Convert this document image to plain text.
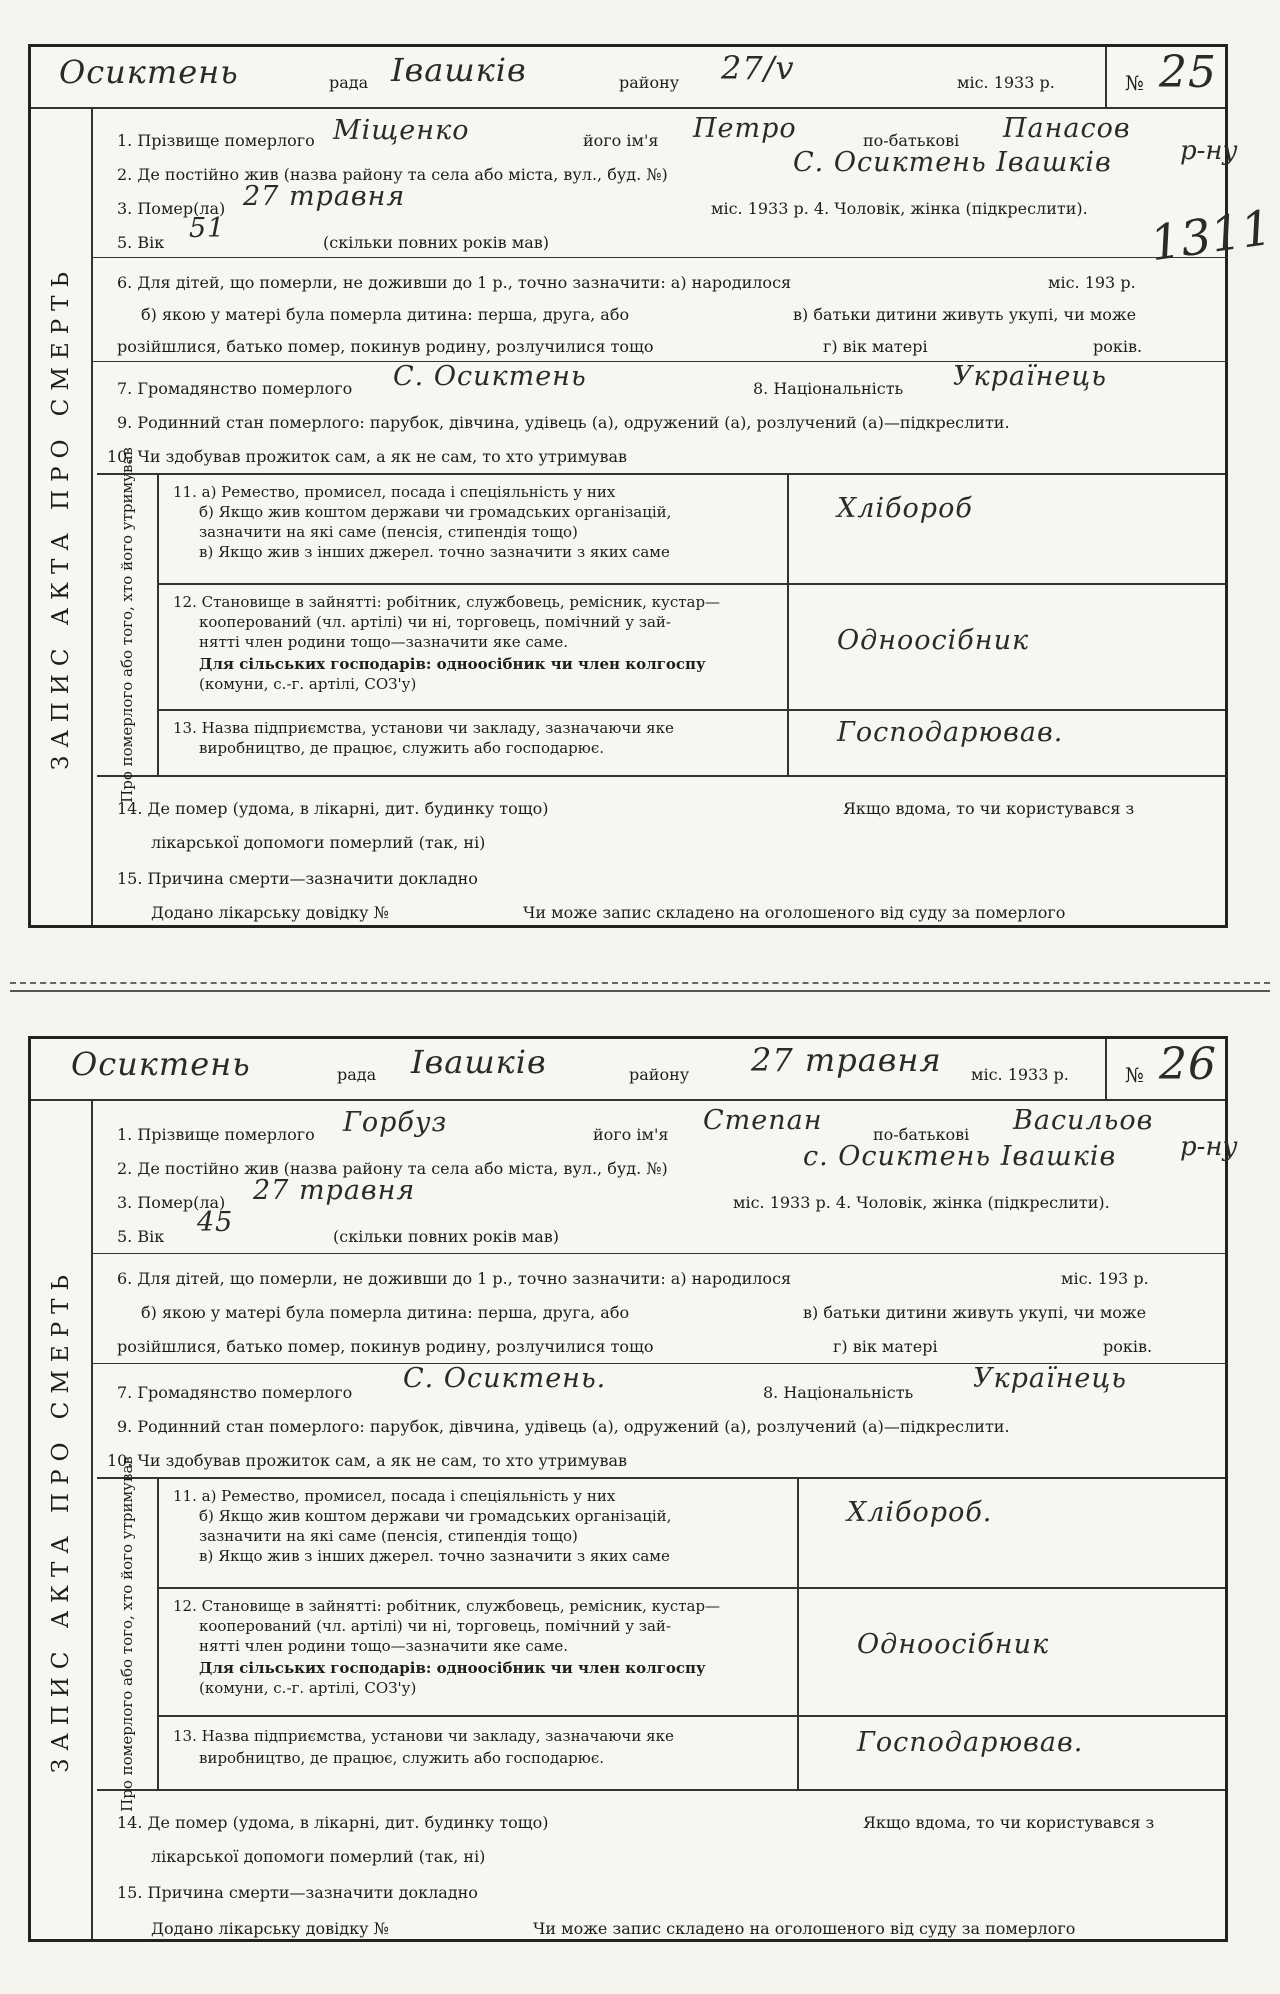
Осиктень	рада Івашків	району 27/v	міс. 1933 р.	№ 25
ЗАПИС АКТА ПРО СМЕРТЬ
1. Прізвище померлого Міщенко	його ім'я Петро	по-батькові Панасов
2. Де постійно жив (назва району та села або міста, вул., буд. №)	С. Осиктень Івашків
3. Помер(ла) 27 травня	міс. 1933 р. 4. Чоловік, жінка (підкреслити).
5. Вік 51	(скільки повних років мав)
6. Для дітей, що померли, не доживши до 1 р., точно зазначити: а) народилося	міс. 193 р.
б) якою у матері була померла дитина: перша, друга, або	в) батьки дитини живуть укупі, чи може
розійшлися, батько помер, покинув родину, розлучилися тощо	г) вік матері	років.
7. Громадянство померлого С. Осиктень	8. Національність Українець
9. Родинний стан померлого: парубок, дівчина, удівець (а), одружений (а), розлучений (а)—підкреслити.
10. Чи здобував прожиток сам, а як не сам, то хто утримував
Про померлого або того, хто його утримував 11. а) Ремество, промисел, посада і спеціяльність у них
б) Якщо жив коштом держави чи громадських організацій,
зазначити на які саме (пенсія, стипендія тощо)
в) Якщо жив з інших джерел. точно зазначити з яких саме
Хлібороб
12. Становище в зайнятті: робітник, службовець, ремісник, кустар—
кооперований (чл. артілі) чи ні, торговець, помічний у зай-
нятті член родини тощо—зазначити яке саме.
Для сільських господарів: одноосібник чи член колгоспу
(комуни, с.-г. артілі, СОЗ'у)
Одноосібник
13. Назва підприємства, установи чи закладу, зазначаючи яке
виробництво, де працює, служить або господарює.	Господарював.
14. Де помер (удома, в лікарні, дит. будинку тощо)	Якщо вдома, то чи користувався з
лікарської допомоги померлий (так, ні)
15. Причина смерти—зазначити докладно
Додано лікарську довідку №	Чи може запис складено на оголошеного від суду за померлого
р-ну
1311
Осиктень	рада Івашків	району 27 травня міс. 1933 р.	№ 26
ЗАПИС АКТА ПРО СМЕРТЬ
1. Прізвище померлого Горбуз	його ім'я Степан	по-батькові Васильов
2. Де постійно жив (назва району та села або міста, вул., буд. №)	с. Осиктень Івашків
3. Помер(ла) 27 травня	міс. 1933 р. 4. Чоловік, жінка (підкреслити).
5. Вік 45	(скільки повних років мав)
6. Для дітей, що померли, не доживши до 1 р., точно зазначити: а) народилося	міс. 193 р.
б) якою у матері була померла дитина: перша, друга, або	в) батьки дитини живуть укупі, чи може
розійшлися, батько помер, покинув родину, розлучилися тощо	г) вік матері	років.
7. Громадянство померлого С. Осиктень.	8. Національність Українець
9. Родинний стан померлого: парубок, дівчина, удівець (а), одружений (а), розлучений (а)—підкреслити.
10. Чи здобував прожиток сам, а як не сам, то хто утримував
Про померлого або того, хто його утримував 11. а) Ремество, промисел, посада і спеціяльність у них
б) Якщо жив коштом держави чи громадських організацій,
зазначити на які саме (пенсія, стипендія тощо)
в) Якщо жив з інших джерел. точно зазначити з яких саме
Хлібороб.
12. Становище в зайнятті: робітник, службовець, ремісник, кустар—
кооперований (чл. артілі) чи ні, торговець, помічний у зай-
нятті член родини тощо—зазначити яке саме.
Для сільських господарів: одноосібник чи член колгоспу
(комуни, с.-г. артілі, СОЗ'у)
Одноосібник
13. Назва підприємства, установи чи закладу, зазначаючи яке
виробництво, де працює, служить або господарює.	Господарював.
14. Де помер (удома, в лікарні, дит. будинку тощо)	Якщо вдома, то чи користувався з
лікарської допомоги померлий (так, ні)
15. Причина смерти—зазначити докладно
Додано лікарську довідку №	Чи може запис складено на оголошеного від суду за померлого
р-ну
